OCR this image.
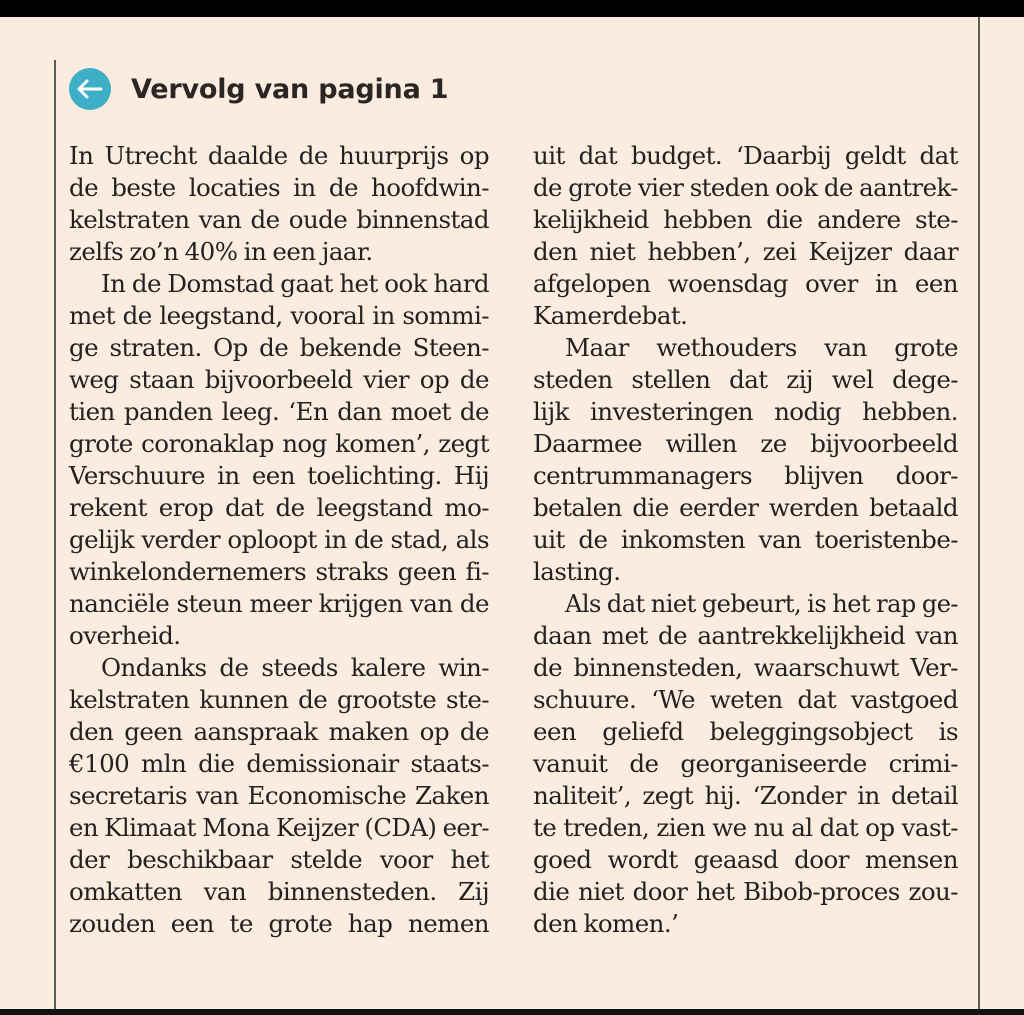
Vervolg van pagina 1
In Utrecht daalde de huurprijs op
de beste locaties in de hoofdwin-
kelstraten van de oude binnenstad
zelfs zo’n 40% in een jaar.
In de Domstad gaat het ook hard
met de leegstand, vooral in sommi-
ge straten. Op de bekende Steen-
weg staan bijvoorbeeld vier op de
tien panden leeg. ‘En dan moet de
grote coronaklap nog komen’, zegt
Verschuure in een toelichting. Hij
rekent erop dat de leegstand mo-
gelijk verder oploopt in de stad, als
winkelondernemers straks geen fi-
nanciële steun meer krijgen van de
overheid.
Ondanks de steeds kalere win-
kelstraten kunnen de grootste ste-
den geen aanspraak maken op de
€100 mln die demissionair staats-
secretaris van Economische Zaken
en Klimaat Mona Keijzer (CDA) eer-
der beschikbaar stelde voor het
omkatten van binnensteden. Zij
zouden een te grote hap nemen
uit dat budget. ‘Daarbij geldt dat
de grote vier steden ook de aantrek-
kelijkheid hebben die andere ste-
den niet hebben’, zei Keijzer daar
afgelopen woensdag over in een
Kamerdebat.
Maar wethouders van grote
steden stellen dat zij wel dege-
lijk investeringen nodig hebben.
Daarmee willen ze bijvoorbeeld
centrummanagers blijven door-
betalen die eerder werden betaald
uit de inkomsten van toeristenbe-
lasting.
Als dat niet gebeurt, is het rap ge-
daan met de aantrekkelijkheid van
de binnensteden, waarschuwt Ver-
schuure. ‘We weten dat vastgoed
een geliefd beleggingsobject is
vanuit de georganiseerde crimi-
naliteit’, zegt hij. ‘Zonder in detail
te treden, zien we nu al dat op vast-
goed wordt geaasd door mensen
die niet door het Bibob-proces zou-
den komen.’
